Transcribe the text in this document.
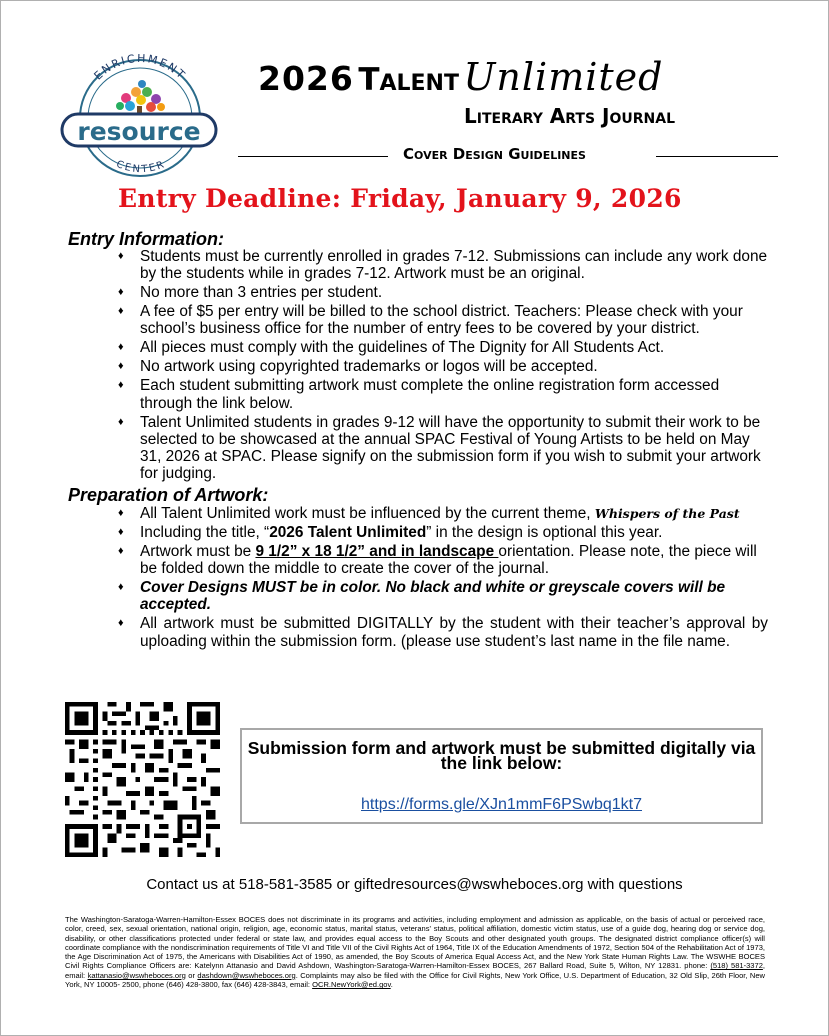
ENRICHMENT
resource
CENTER
2026 Talent Unlimited
Literary Arts Journal
Cover Design Guidelines
Entry Deadline: Friday, January 9, 2026
Entry Information:
♦ Students must be currently enrolled in grades 7-12. Submissions can include any work done by the students while in grades 7-12. Artwork must be an original.
♦ No more than 3 entries per student.
♦ A fee of $5 per entry will be billed to the school district. Teachers: Please check with your school’s business office for the number of entry fees to be covered by your district.
♦ All pieces must comply with the guidelines of The Dignity for All Students Act.
♦ No artwork using copyrighted trademarks or logos will be accepted.
♦ Each student submitting artwork must complete the online registration form accessed through the link below.
♦ Talent Unlimited students in grades 9-12 will have the opportunity to submit their work to be selected to be showcased at the annual SPAC Festival of Young Artists to be held on May 31, 2026 at SPAC. Please signify on the submission form if you wish to submit your artwork for judging.
Preparation of Artwork:
♦ All Talent Unlimited work must be influenced by the current theme, Whispers of the Past
♦ Including the title, “2026 Talent Unlimited” in the design is optional this year.
♦ Artwork must be 9 1/2” x 18 1/2” and in landscape orientation. Please note, the piece will be folded down the middle to create the cover of the journal.
♦ Cover Designs MUST be in color. No black and white or greyscale covers will be accepted.
♦ All artwork must be submitted DIGITALLY by the student with their teacher’s approval by uploading within the submission form. (please use student’s last name in the file name.
Submission form and artwork must be submitted digitally via the link below:
https://forms.gle/XJn1mmF6PSwbq1kt7
Contact us at 518-581-3585 or giftedresources@wswheboces.org with questions
The Washington-Saratoga-Warren-Hamilton-Essex BOCES does not discriminate in its programs and activities, including employment and admission as applicable, on the basis of actual or perceived race, color, creed, sex, sexual orientation, national origin, religion, age, economic status, marital status, veterans' status, political affiliation, domestic victim status, use of a guide dog, hearing dog or service dog, disability, or other classifications protected under federal or state law, and provides equal access to the Boy Scouts and other designated youth groups. The designated district compliance officer(s) will coordinate compliance with the nondiscrimination requirements of Title VI and Title VII of the Civil Rights Act of 1964, Title IX of the Education Amendments of 1972, Section 504 of the Rehabilitation Act of 1973, the Age Discrimination Act of 1975, the Americans with Disabilities Act of 1990, as amended, the Boy Scouts of America Equal Access Act, and the New York State Human Rights Law. The WSWHE BOCES Civil Rights Compliance Officers are: Katelynn Attanasio and David Ashdown, Washington-Saratoga-Warren-Hamilton-Essex BOCES, 267 Ballard Road, Suite 5, Wilton, NY 12831. phone: (518) 581-3372, email: kattanasio@wswheboces.org or dashdown@wswheboces.org. Complaints may also be filed with the Office for Civil Rights, New York Office, U.S. Department of Education, 32 Old Slip, 26th Floor, New York, NY 10005- 2500, phone (646) 428-3800, fax (646) 428-3843, email: OCR.NewYork@ed.gov.
